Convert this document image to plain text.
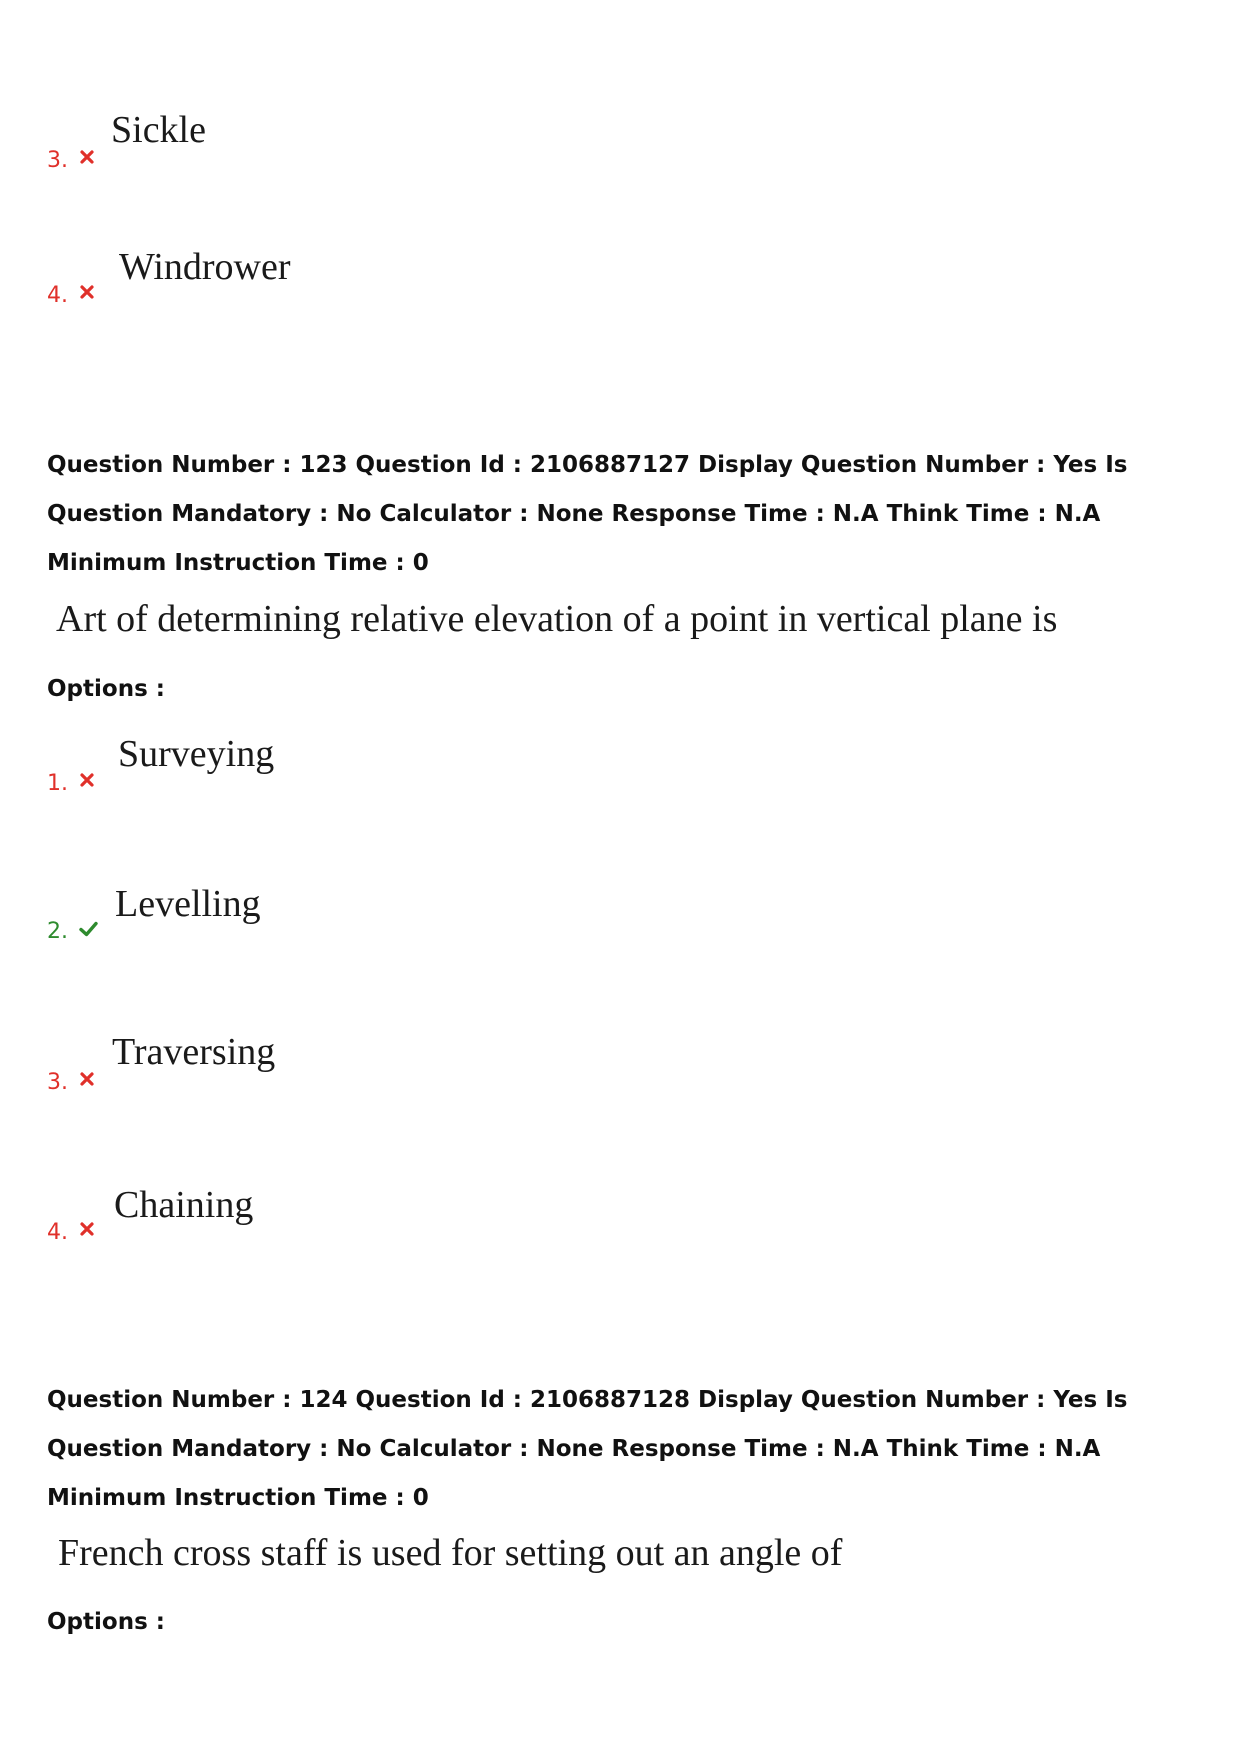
3.
Sickle
4.
Windrower
Question Number : 123 Question Id : 2106887127 Display Question Number : Yes Is Question Mandatory : No Calculator : None Response Time : N.A Think Time : N.A Minimum Instruction Time : 0
Art of determining relative elevation of a point in vertical plane is
Options :
1.
Surveying
2.
Levelling
3.
Traversing
4.
Chaining
Question Number : 124 Question Id : 2106887128 Display Question Number : Yes Is Question Mandatory : No Calculator : None Response Time : N.A Think Time : N.A Minimum Instruction Time : 0
French cross staff is used for setting out an angle of
Options :
